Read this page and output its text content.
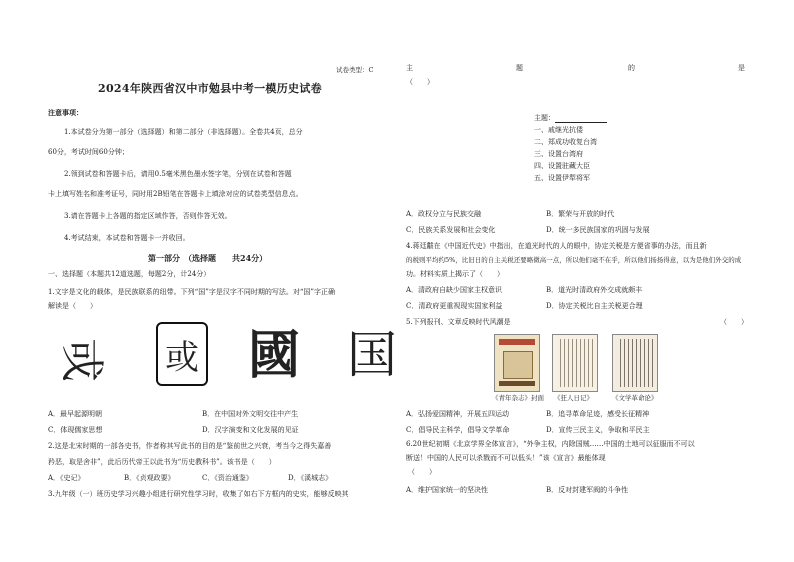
试卷类型：C
2024年陕西省汉中市勉县中考一模历史试卷
注意事项：
1.本试卷分为第一部分（选择题）和第二部分（非选择题）。全卷共4页，总分
60分，考试时间60分钟；
2.领到试卷和答题卡后，请用0.5毫米黑色墨水签字笔，分别在试卷和答题
卡上填写姓名和准考证号，同时用2B铅笔在答题卡上填涂对应的试卷类型信息点。
3.请在答题卡上各题的指定区域作答，否则作答无效。
4.考试结束，本试卷和答题卡一并收回。
第一部分　（选择题　　共24分）
一、选择题（本题共12道选题，每题2分，计24分）
1.文字是文化的载体，是民族联系的纽带。下列“国”字是汉字不同时期的写法。对“国”字正确
解读是（　　）
戓	或 國 国
A．最早起源明朝	B．在中国对外文明交往中产生
C．体现儒家思想	D．汉字演变和文化发展的见证
2.这是北宋时期的一部各史书，作者称其写此书的目的是“鉴前世之兴衰，考当今之得失嘉善
矜恶，取是舍非”，此后历代帝王以此书为“历史教科书”。该书是（　　）
A．《史记》	B．《贞观政要》	C．《资治通鉴》	D．《溪城志》
3.九年级（一）班历史学习兴趣小组进行研究性学习时，收集了如右下方框内的史实，能够反映其
主	题	的	是
（　　）
主题：
一、戚继光抗倭
二、郑成功收复台湾
三、设置台湾府
四、设置驻藏大臣
五、设置伊犁将军
A．政权分立与民族交融	B．繁荣与开放的时代
C．民族关系发展和社会变化	D．统一多民族国家的巩固与发展
4.蒋廷黻在《中国近代史》中指出，在道光时代的人的眼中，协定关税是方便省事的办法，而且新
的税则平均约5%，比旧日的自主关税还要略微高一点，所以他们毫不在乎，所以他们扬扬得意，以为是他们外交的成
功。材料实质上揭示了（　　）
A．清政府自缺少国家主权意识	B．道光时清政府外交成就颇丰
C．清政府更重视现实国家利益	D．协定关税比自主关税更合理
5.下列报刊、文章反映时代风潮是	（　　）
《青年杂志》封面 《狂人日记》	《文学革命论》
A．弘扬爱国精神，开展五四运动	B．追寻革命足迹，感受长征精神
C．倡导民主科学，倡导文学革命	D．宣传三民主义，争取和平民主
6.20世纪初期《北京学界全体宣言》，“外争主权，内除国贼……中国的土地可以征服而不可以
断送！中国的人民可以杀戮而不可以低头！”该《宣言》最能体现
（　　）
A．维护国家统一的坚决性	B．反对封建军阀的斗争性
